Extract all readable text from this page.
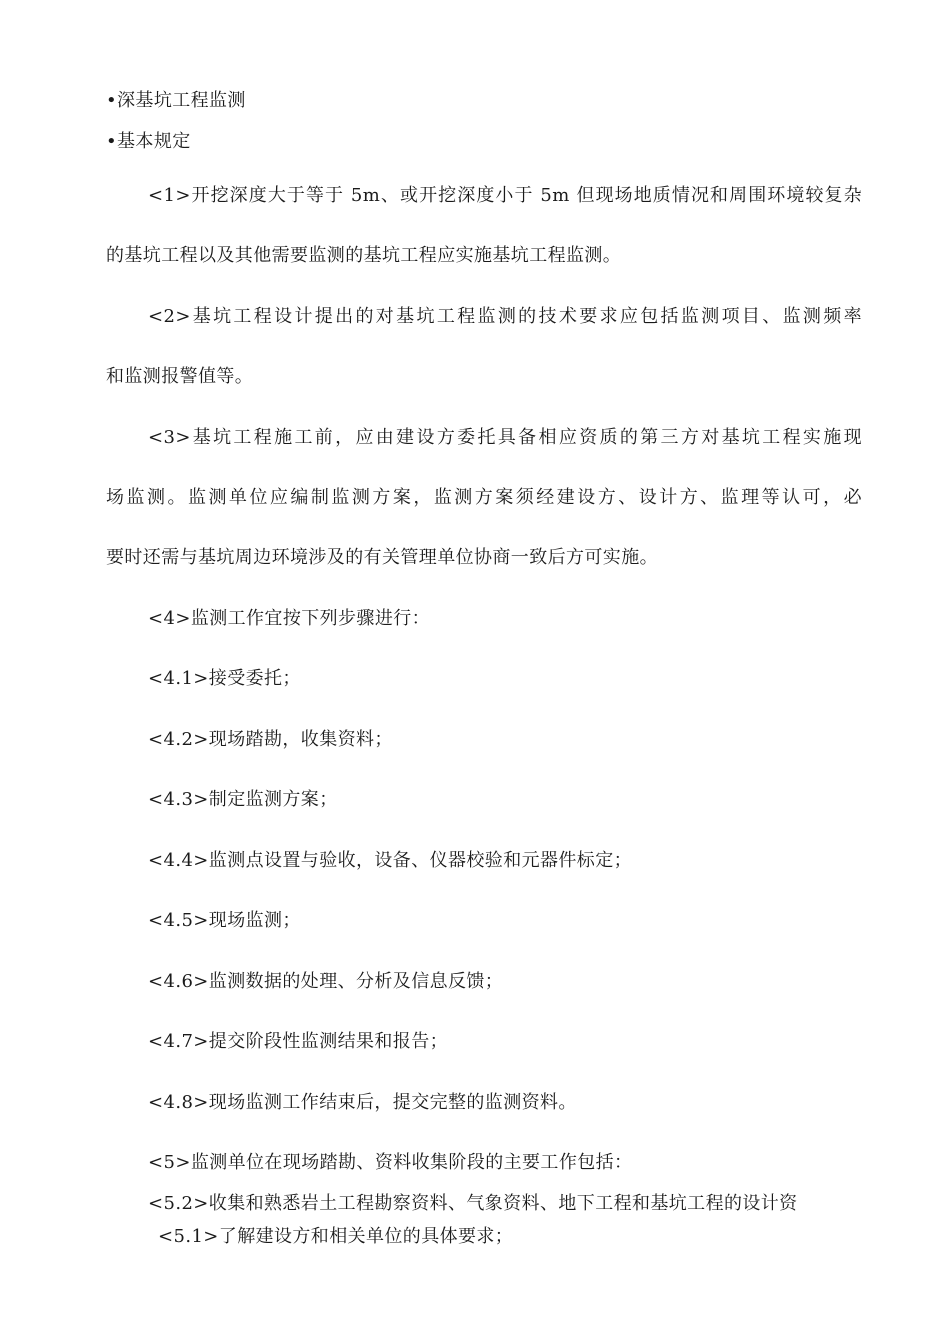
•深基坑工程监测
•基本规定
<1>开挖深度大于等于 5m、或开挖深度小于 5m 但现场地质情况和周围环境较复杂
的基坑工程以及其他需要监测的基坑工程应实施基坑工程监测。
<2>基坑工程设计提出的对基坑工程监测的技术要求应包括监测项目、监测频率
和监测报警值等。
<3>基坑工程施工前，应由建设方委托具备相应资质的第三方对基坑工程实施现
场监测。监测单位应编制监测方案，监测方案须经建设方、设计方、监理等认可，必
要时还需与基坑周边环境涉及的有关管理单位协商一致后方可实施。
<4>监测工作宜按下列步骤进行：
<4.1>接受委托；
<4.2>现场踏勘，收集资料；
<4.3>制定监测方案；
<4.4>监测点设置与验收，设备、仪器校验和元器件标定；
<4.5>现场监测；
<4.6>监测数据的处理、分析及信息反馈；
<4.7>提交阶段性监测结果和报告；
<4.8>现场监测工作结束后，提交完整的监测资料。
<5>监测单位在现场踏勘、资料收集阶段的主要工作包括：
<5.2>收集和熟悉岩土工程勘察资料、气象资料、地下工程和基坑工程的设计资
<5.1>了解建设方和相关单位的具体要求；
